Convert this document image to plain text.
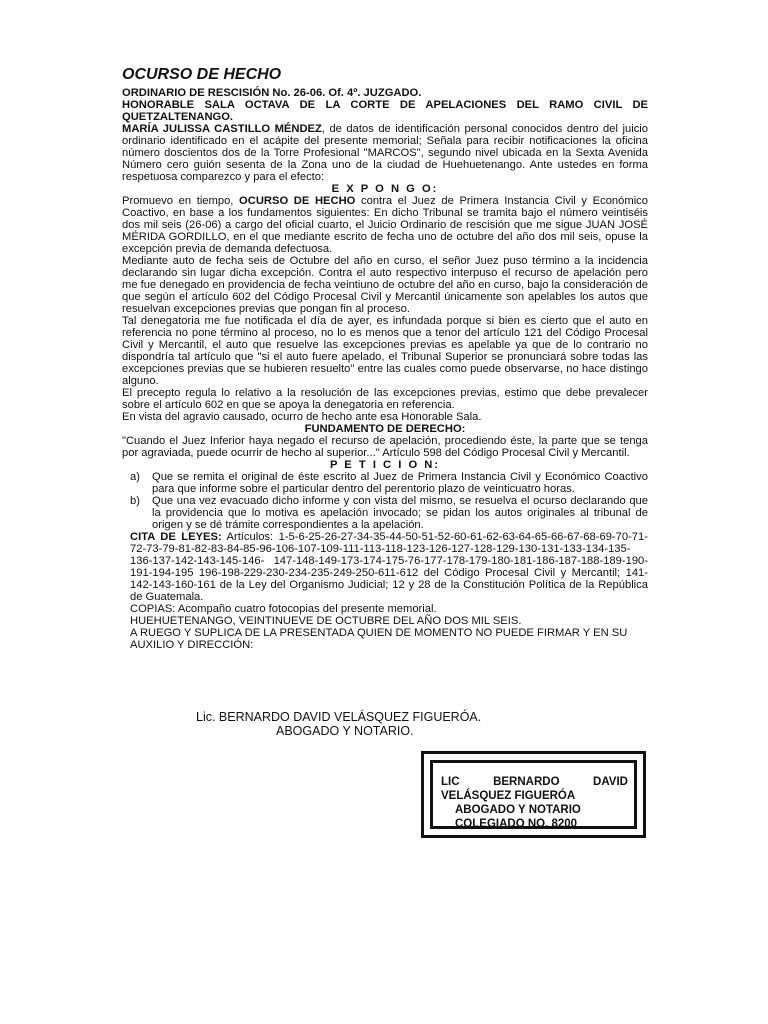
OCURSO DE HECHO

ORDINARIO DE RESCISIÓN No. 26-06. Of. 4º. JUZGADO.

HONORABLE SALA OCTAVA DE LA CORTE DE APELACIONES DEL RAMO CIVIL DE QUETZALTENANGO.

MARÍA JULISSA CASTILLO MÉNDEZ, de datos de identificación personal conocidos dentro del juicio ordinario identificado en el acápite del presente memorial; Señala para recibir notificaciones la oficina número doscientos dos de la Torre Profesional "MARCOS", segundo nivel ubicada en la Sexta Avenida Número cero guión sesenta de la Zona uno de la ciudad de Huehuetenango. Ante ustedes en forma respetuosa comparezco y para el efecto:

E X P O N G O:

Promuevo en tiempo, OCURSO DE HECHO contra el Juez de Primera Instancia Civil y Económico Coactivo, en base a los fundamentos siguientes: En dicho Tribunal se tramita bajo el número veintiséis dos mil seis (26-06) a cargo del oficial cuarto, el Juicio Ordinario de rescisión que me sigue JUAN JOSÉ MÉRIDA GORDILLO, en el que mediante escrito de fecha uno de octubre del año dos mil seis, opuse la excepción previa de demanda defectuosa.

Mediante auto de fecha seis de Octubre del año en curso, el señor Juez puso término a la incidencia declarando sin lugar dicha excepción. Contra el auto respectivo interpuso el recurso de apelación pero me fue denegado en providencia de fecha veintiuno de octubre del año en curso, bajo la consideración de que según el artículo 602 del Código Procesal Civil y Mercantil únicamente son apelables los autos que resuelvan excepciones previas que pongan fin al proceso.

Tal denegatoria me fue notificada el día de ayer, es infundada porque si bien es cierto que el auto en referencia no pone término al proceso, no lo es menos que a tenor del artículo 121 del Código Procesal Civil y Mercantil, el auto que resuelve las excepciones previas es apelable ya que de lo contrario no dispondría tal artículo que "si el auto fuere apelado, el Tribunal Superior se pronunciará sobre todas las excepciones previas que se hubieren resuelto" entre las cuales como puede observarse, no hace distingo alguno.

El precepto regula lo relativo a la resolución de las excepciones previas, estimo que debe prevalecer sobre el artículo 602 en que se apoya la denegatoria en referencia.

En vista del agravio causado, ocurro de hecho ante esa Honorable Sala.

FUNDAMENTO DE DERECHO:

"Cuando el Juez Inferior haya negado el recurso de apelación, procediendo éste, la parte que se tenga por agraviada, puede ocurrir de hecho al superior..." Artículo 598 del Código Procesal Civil y Mercantil.

P E T I C I O N:

a)	Que se remita el original de éste escrito al Juez de Primera Instancia Civil y Económico Coactivo para que informe sobre el particular dentro del perentorio plazo de veinticuatro horas.
b)	Que una vez evacuado dicho informe y con vista del mismo, se resuelva el ocurso declarando que la providencia que lo motiva es apelación invocado; se pidan los autos originales al tribunal de origen y se dé trámite correspondientes a la apelación.

CITA DE LEYES: Artículos: 1-5-6-25-26-27-34-35-44-50-51-52-60-61-62-63-64-65-66-67-68-69-70-71-72-73-79-81-82-83-84-85-96-106-107-109-111-113-118-123-126-127-128-129-130-131-133-134-135-136-137-142-143-145-146- 147-148-149-173-174-175-76-177-178-179-180-181-186-187-188-189-190-191-194-195 196-198-229-230-234-235-249-250-611-612 del Código Procesal Civil y Mercantil; 141-142-143-160-161 de la Ley del Organismo Judicial; 12 y 28 de la Constitución Política de la República de Guatemala.

COPIAS: Acompaño cuatro fotocopias del presente memorial.

HUEHUETENANGO, VEINTINUEVE DE OCTUBRE DEL AÑO DOS MIL SEIS.

A RUEGO Y SUPLICA DE LA PRESENTADA QUIEN DE MOMENTO NO PUEDE FIRMAR Y EN SU AUXILIO Y DIRECCIÓN:

Lic. BERNARDO DAVID VELÁSQUEZ FIGUERÓA.
ABOGADO Y NOTARIO.
LIC	BERNARDO	DAVID
VELÁSQUEZ FIGUERÓA
ABOGADO Y NOTARIO
COLEGIADO NO. 8200
